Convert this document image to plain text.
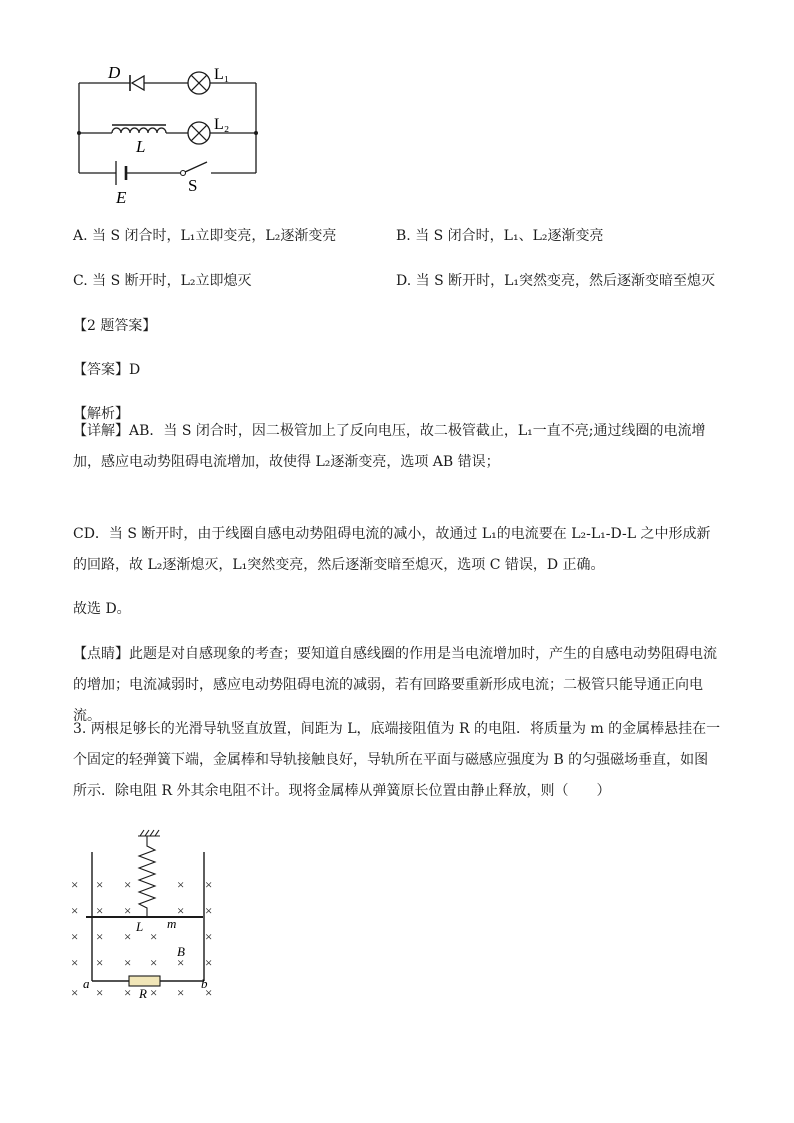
D	L₁
L
L₂
E
S
A. 当 S 闭合时，L₁立即变亮，L₂逐渐变亮	B. 当 S 闭合时，L₁、L₂逐渐变亮
C. 当 S 断开时，L₂立即熄灭	D. 当 S 断开时，L₁突然变亮，然后逐渐变暗至熄灭
【2 题答案】
【答案】D
【解析】
【详解】AB．当 S 闭合时，因二极管加上了反向电压，故二极管截止，L₁一直不亮;通过线圈的电流增加，感应电动势阻碍电流增加，故使得 L₂逐渐变亮，选项 AB 错误；
CD．当 S 断开时，由于线圈自感电动势阻碍电流的减小，故通过 L₁的电流要在 L₂-L₁-D-L 之中形成新的回路，故 L₂逐渐熄灭，L₁突然变亮，然后逐渐变暗至熄灭，选项 C 错误，D 正确。
故选 D。
【点睛】此题是对自感现象的考查；要知道自感线圈的作用是当电流增加时，产生的自感电动势阻碍电流的增加；电流减弱时，感应电动势阻碍电流的减弱，若有回路要重新形成电流；二极管只能导通正向电流。
3. 两根足够长的光滑导轨竖直放置，间距为 L，底端接阻值为 R 的电阻．将质量为 m 的金属棒悬挂在一个固定的轻弹簧下端，金属棒和导轨接触良好，导轨所在平面与磁感应强度为 B 的匀强磁场垂直，如图所示．除电阻 R 外其余电阻不计。现将金属棒从弹簧原长位置由静止释放，则（　　）
× × ×	× ×
× × ×	× ×
× × × ×	×
× × × × × ×
× × × × × ×
L m
B
R
a	b
